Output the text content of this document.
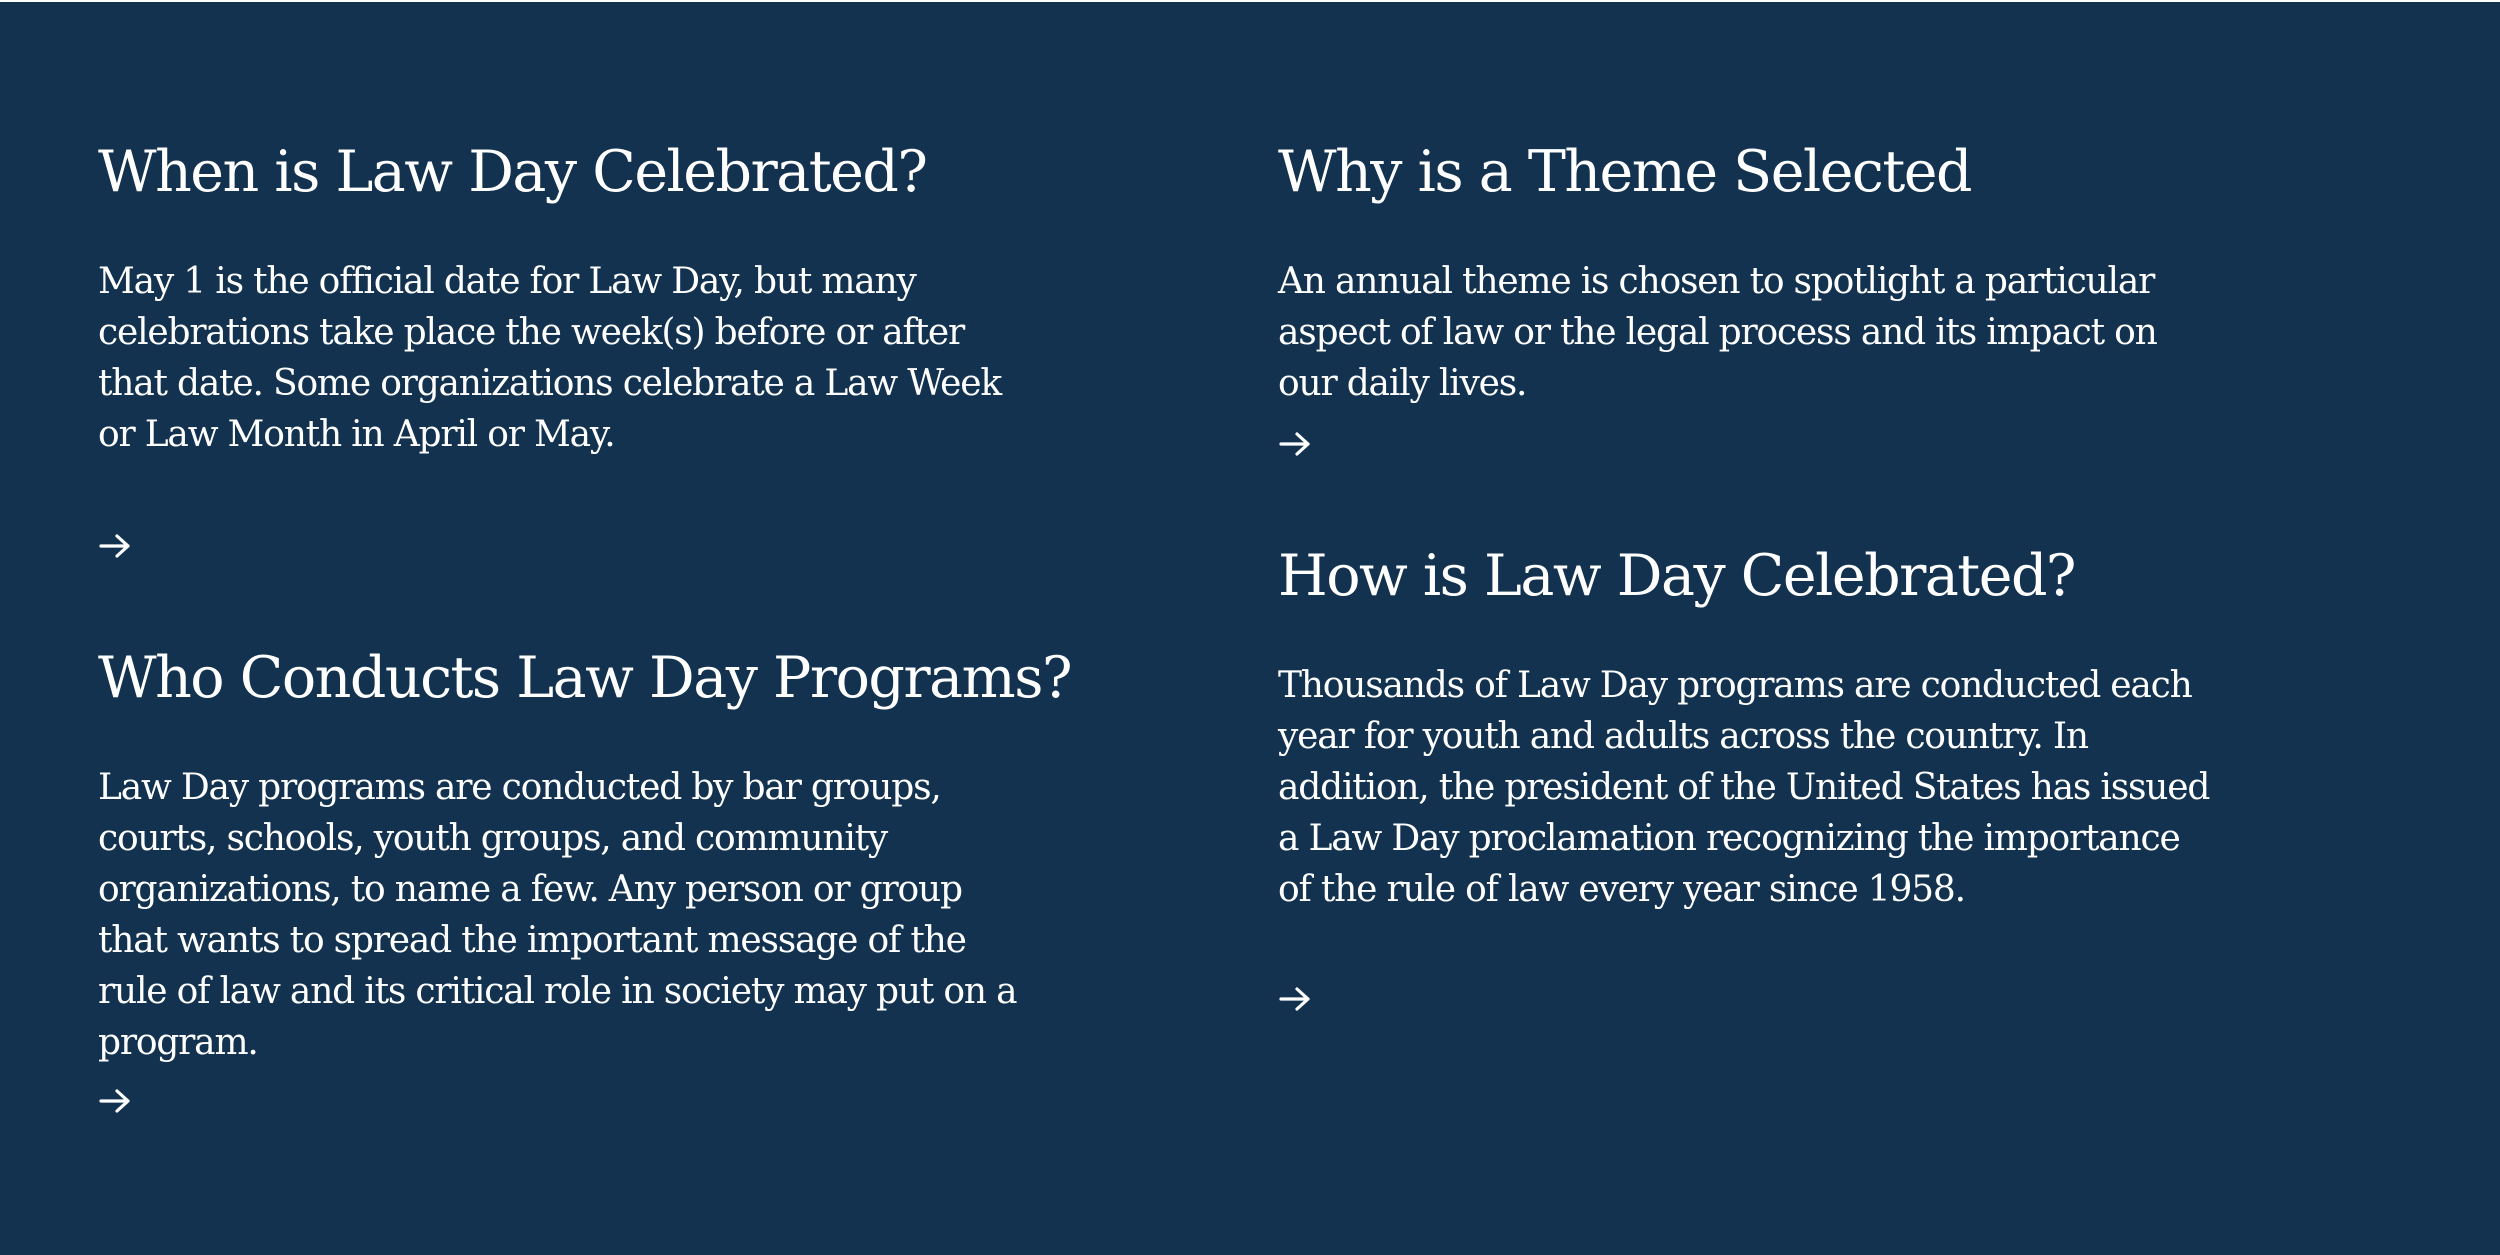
When is Law Day Celebrated?

May 1 is the official date for Law Day, but many celebrations take place the week(s) before or after that date. Some organizations celebrate a Law Week or Law Month in April or May.

Who Conducts Law Day Programs?

Law Day programs are conducted by bar groups, courts, schools, youth groups, and community organizations, to name a few. Any person or group that wants to spread the important message of the rule of law and its critical role in society may put on a program.

Why is a Theme Selected

An annual theme is chosen to spotlight a particular aspect of law or the legal process and its impact on our daily lives.

How is Law Day Celebrated?

Thousands of Law Day programs are conducted each year for youth and adults across the country. In addition, the president of the United States has issued a Law Day proclamation recognizing the importance of the rule of law every year since 1958.
